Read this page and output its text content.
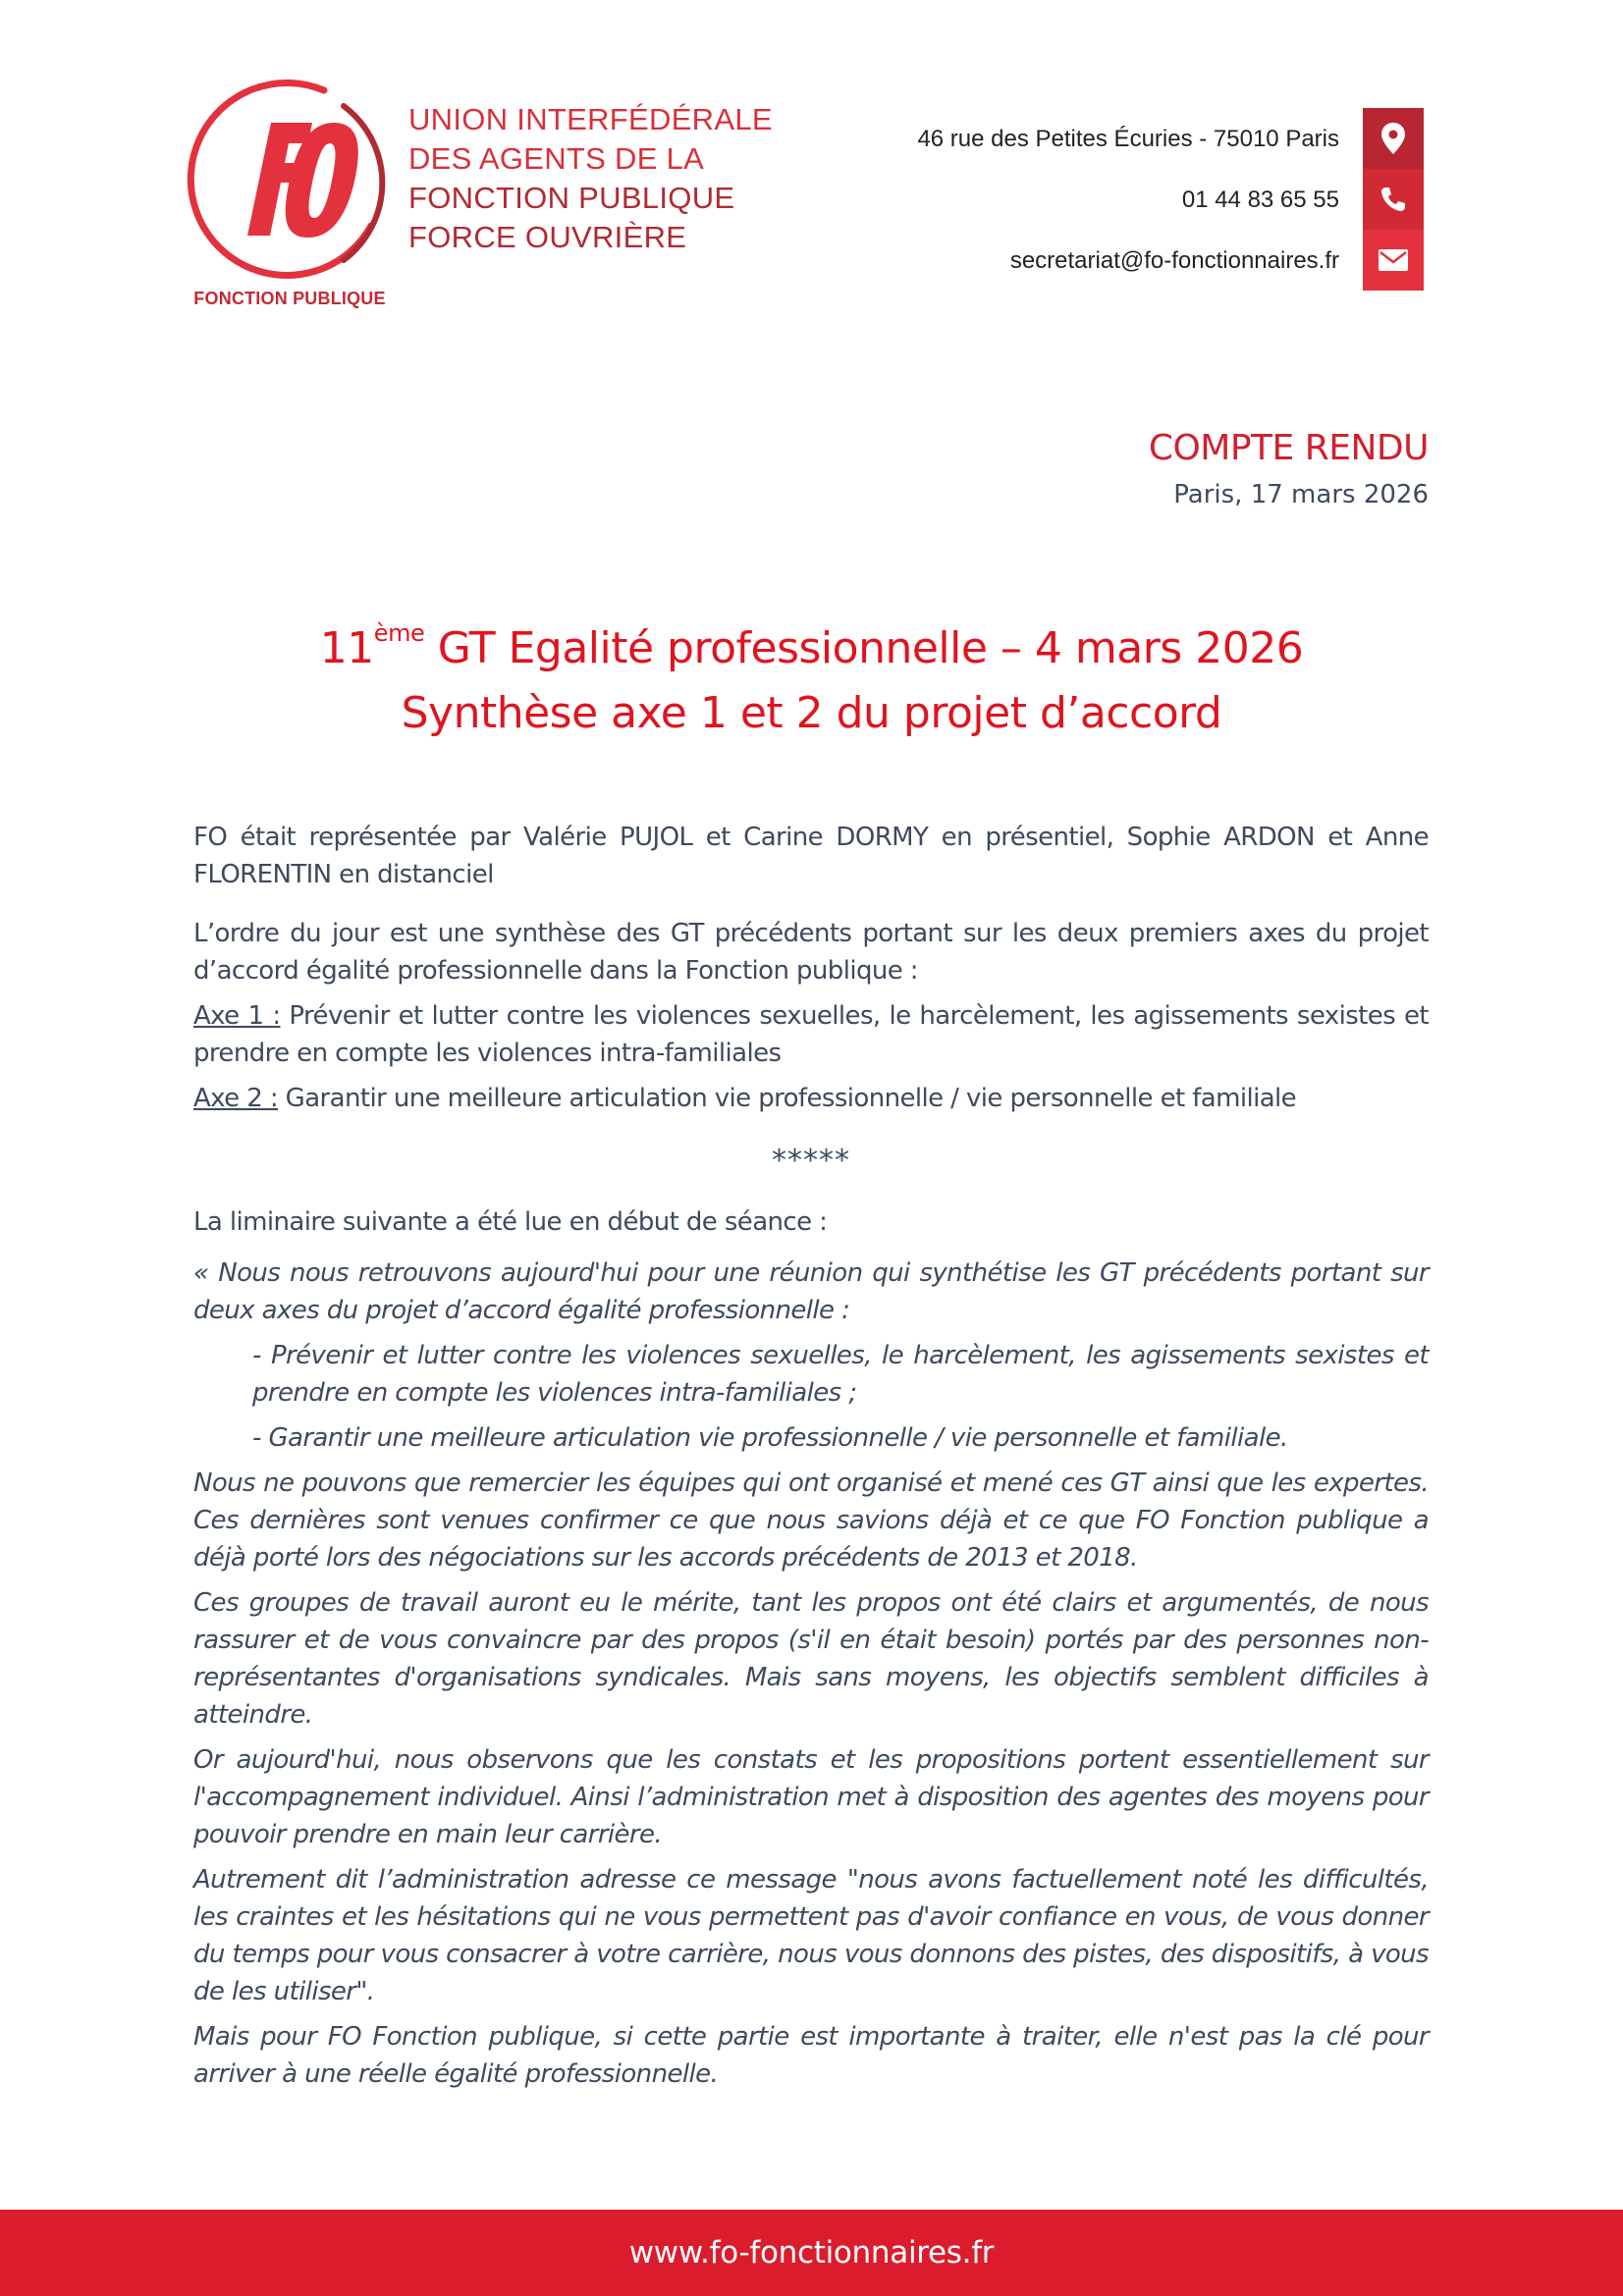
FONCTION PUBLIQUE
UNION INTERFÉDÉRALE
DES AGENTS DE LA
FONCTION PUBLIQUE
FORCE OUVRIÈRE
46 rue des Petites Écuries - 75010 Paris
01 44 83 65 55
secretariat@fo-fonctionnaires.fr
COMPTE RENDU
Paris, 17 mars 2026
11ème GT Egalité professionnelle – 4 mars 2026
Synthèse axe 1 et 2 du projet d’accord

FO était représentée par Valérie PUJOL et Carine DORMY en présentiel, Sophie ARDON et Anne FLORENTIN en distanciel

L’ordre du jour est une synthèse des GT précédents portant sur les deux premiers axes du projet d’accord égalité professionnelle dans la Fonction publique :

Axe 1 : Prévenir et lutter contre les violences sexuelles, le harcèlement, les agissements sexistes et prendre en compte les violences intra-familiales

Axe 2 : Garantir une meilleure articulation vie professionnelle / vie personnelle et familiale

*****

La liminaire suivante a été lue en début de séance :

« Nous nous retrouvons aujourd'hui pour une réunion qui synthétise les GT précédents portant sur deux axes du projet d’accord égalité professionnelle :

- Prévenir et lutter contre les violences sexuelles, le harcèlement, les agissements sexistes et prendre en compte les violences intra-familiales ;

- Garantir une meilleure articulation vie professionnelle / vie personnelle et familiale.

Nous ne pouvons que remercier les équipes qui ont organisé et mené ces GT ainsi que les expertes. Ces dernières sont venues confirmer ce que nous savions déjà et ce que FO Fonction publique a déjà porté lors des négociations sur les accords précédents de 2013 et 2018.

Ces groupes de travail auront eu le mérite, tant les propos ont été clairs et argumentés, de nous rassurer et de vous convaincre par des propos (s'il en était besoin) portés par des personnes non-représentantes d'organisations syndicales. Mais sans moyens, les objectifs semblent difficiles à atteindre.

Or aujourd'hui, nous observons que les constats et les propositions portent essentiellement sur l'accompagnement individuel. Ainsi l’administration met à disposition des agentes des moyens pour pouvoir prendre en main leur carrière.

Autrement dit l’administration adresse ce message "nous avons factuellement noté les difficultés, les craintes et les hésitations qui ne vous permettent pas d'avoir confiance en vous, de vous donner du temps pour vous consacrer à votre carrière, nous vous donnons des pistes, des dispositifs, à vous de les utiliser".

Mais pour FO Fonction publique, si cette partie est importante à traiter, elle n'est pas la clé pour arriver à une réelle égalité professionnelle.

www.fo-fonctionnaires.fr
